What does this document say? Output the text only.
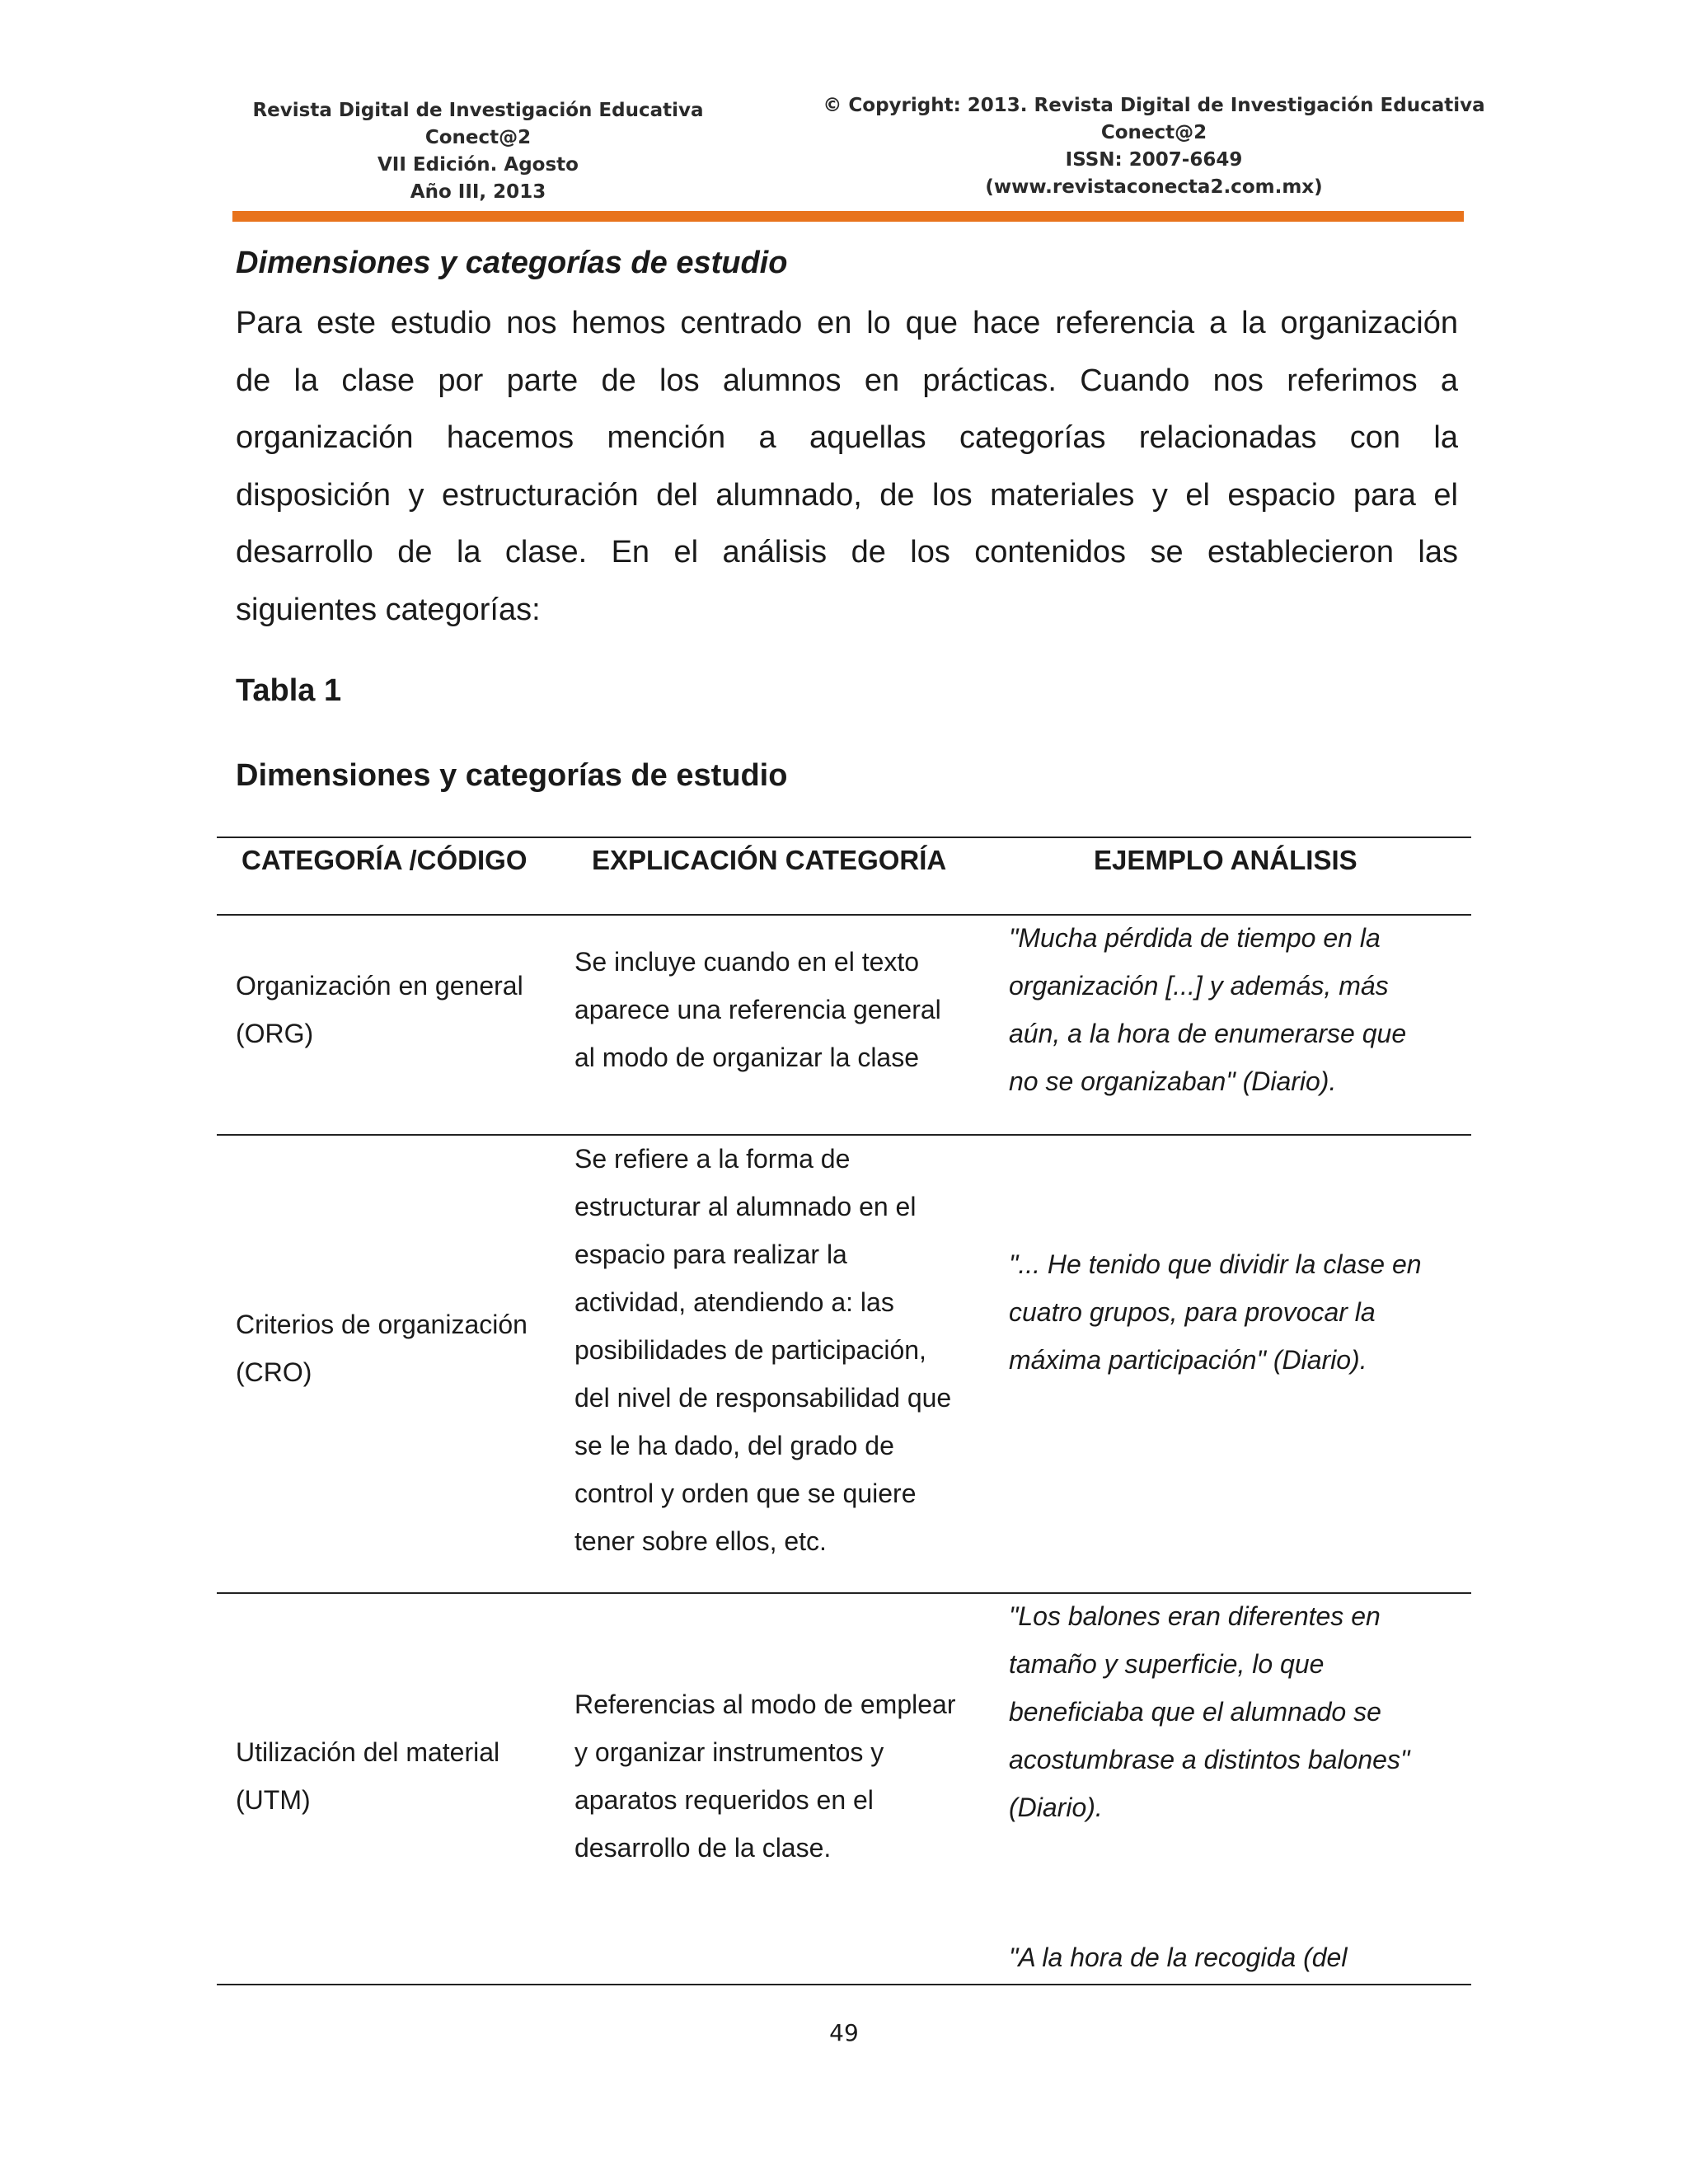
Revista Digital de Investigación Educativa
Conect@2
VII Edición. Agosto
Año III, 2013
© Copyright: 2013. Revista Digital de Investigación Educativa
Conect@2
ISSN: 2007-6649
(www.revistaconecta2.com.mx)
Dimensiones y categorías de estudio
Para este estudio nos hemos centrado en lo que hace referencia a la organización
de la clase por parte de los alumnos en prácticas. Cuando nos referimos a
organización hacemos mención a aquellas categorías relacionadas con la
disposición y estructuración del alumnado, de los materiales y el espacio para el
desarrollo de la clase. En el análisis de los contenidos se establecieron las
siguientes categorías:
Tabla 1
Dimensiones y categorías de estudio
CATEGORÍA /CÓDIGO EXPLICACIÓN CATEGORÍA	EJEMPLO ANÁLISIS
Organización en general
(ORG)
Se incluye cuando en el texto
aparece una referencia general
al modo de organizar la clase
"Mucha pérdida de tiempo en la
organización [...] y además, más
aún, a la hora de enumerarse que
no se organizaban" (Diario).
Criterios de organización
(CRO)
Se refiere a la forma de
estructurar al alumnado en el
espacio para realizar la
actividad, atendiendo a: las
posibilidades de participación,
del nivel de responsabilidad que
se le ha dado, del grado de
control y orden que se quiere
tener sobre ellos, etc.
"... He tenido que dividir la clase en
cuatro grupos, para provocar la
máxima participación" (Diario).
Utilización del material
(UTM)
Referencias al modo de emplear
y organizar instrumentos y
aparatos requeridos en el
desarrollo de la clase.
"Los balones eran diferentes en
tamaño y superficie, lo que
beneficiaba que el alumnado se
acostumbrase a distintos balones"
(Diario).
"A la hora de la recogida (del
49
